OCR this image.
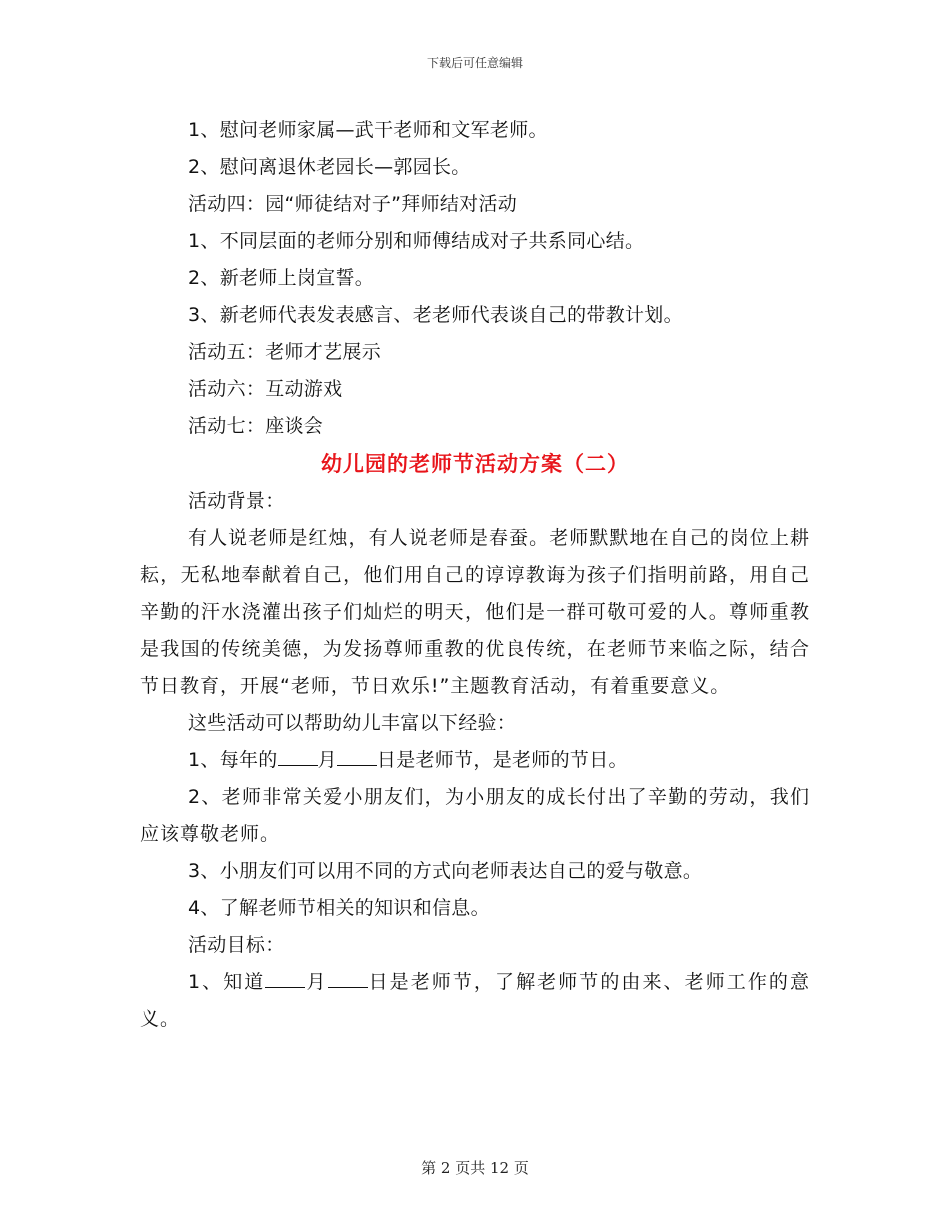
下载后可任意编辑
1、慰问老师家属—武干老师和文军老师。
2、慰问离退休老园长—郭园长。
活动四：园“师徒结对子”拜师结对活动
1、不同层面的老师分别和师傅结成对子共系同心结。
2、新老师上岗宣誓。
3、新老师代表发表感言、老老师代表谈自己的带教计划。
活动五：老师才艺展示
活动六：互动游戏
活动七：座谈会
幼儿园的老师节活动方案（二）
活动背景：
有人说老师是红烛，有人说老师是春蚕。老师默默地在自己的岗位上耕耘，无私地奉献着自己，他们用自己的谆谆教诲为孩子们指明前路，用自己辛勤的汗水浇灌出孩子们灿烂的明天，他们是一群可敬可爱的人。尊师重教是我国的传统美德，为发扬尊师重教的优良传统，在老师节来临之际，结合节日教育，开展“老师，节日欢乐!”主题教育活动，有着重要意义。
这些活动可以帮助幼儿丰富以下经验：
1、每年的 月 日是老师节，是老师的节日。
2、老师非常关爱小朋友们，为小朋友的成长付出了辛勤的劳动，我们应该尊敬老师。
3、小朋友们可以用不同的方式向老师表达自己的爱与敬意。
4、了解老师节相关的知识和信息。
活动目标：
1、知道 月 日是老师节，了解老师节的由来、老师工作的意义。
第 2 页共 12 页
